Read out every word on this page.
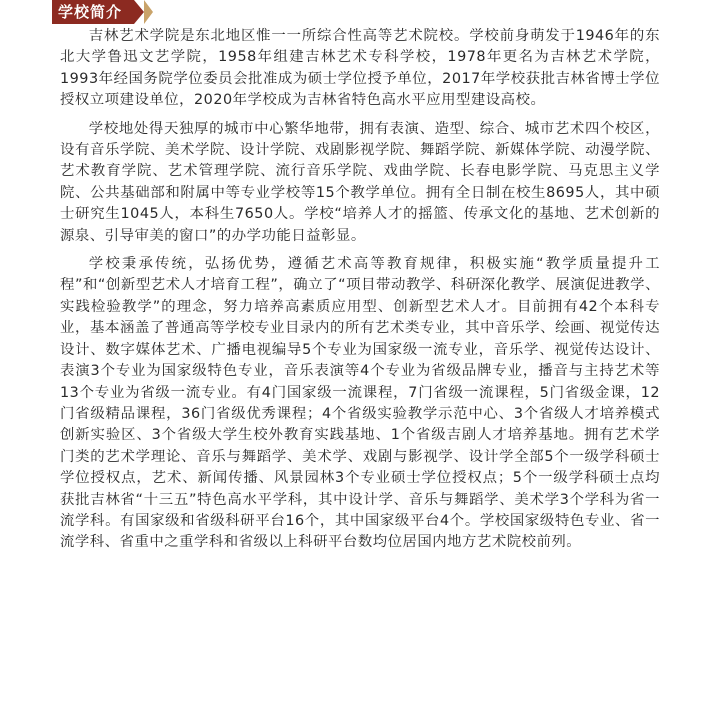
学校简介

吉林艺术学院是东北地区惟一一所综合性高等艺术院校。学校前身萌发于1946年的东北大学鲁迅文艺学院，1958年组建吉林艺术专科学校，1978年更名为吉林艺术学院，1993年经国务院学位委员会批准成为硕士学位授予单位，2017年学校获批吉林省博士学位授权立项建设单位，2020年学校成为吉林省特色高水平应用型建设高校。

学校地处得天独厚的城市中心繁华地带，拥有表演、造型、综合、城市艺术四个校区，设有音乐学院、美术学院、设计学院、戏剧影视学院、舞蹈学院、新媒体学院、动漫学院、艺术教育学院、艺术管理学院、流行音乐学院、戏曲学院、长春电影学院、马克思主义学院、公共基础部和附属中等专业学校等15个教学单位。拥有全日制在校生8695人，其中硕士研究生1045人，本科生7650人。学校“培养人才的摇篮、传承文化的基地、艺术创新的源泉、引导审美的窗口”的办学功能日益彰显。

学校秉承传统，弘扬优势，遵循艺术高等教育规律，积极实施“教学质量提升工程”和“创新型艺术人才培育工程”，确立了“项目带动教学、科研深化教学、展演促进教学、实践检验教学”的理念，努力培养高素质应用型、创新型艺术人才。目前拥有42个本科专业，基本涵盖了普通高等学校专业目录内的所有艺术类专业，其中音乐学、绘画、视觉传达设计、数字媒体艺术、广播电视编导5个专业为国家级一流专业，音乐学、视觉传达设计、表演3个专业为国家级特色专业，音乐表演等4个专业为省级品牌专业，播音与主持艺术等13个专业为省级一流专业。有4门国家级一流课程，7门省级一流课程，5门省级金课，12门省级精品课程，36门省级优秀课程；4个省级实验教学示范中心、3个省级人才培养模式创新实验区、3个省级大学生校外教育实践基地、1个省级吉剧人才培养基地。拥有艺术学门类的艺术学理论、音乐与舞蹈学、美术学、戏剧与影视学、设计学全部5个一级学科硕士学位授权点，艺术、新闻传播、风景园林3个专业硕士学位授权点；5个一级学科硕士点均获批吉林省“十三五”特色高水平学科，其中设计学、音乐与舞蹈学、美术学3个学科为省一流学科。有国家级和省级科研平台16个，其中国家级平台4个。学校国家级特色专业、省一流学科、省重中之重学科和省级以上科研平台数均位居国内地方艺术院校前列。
